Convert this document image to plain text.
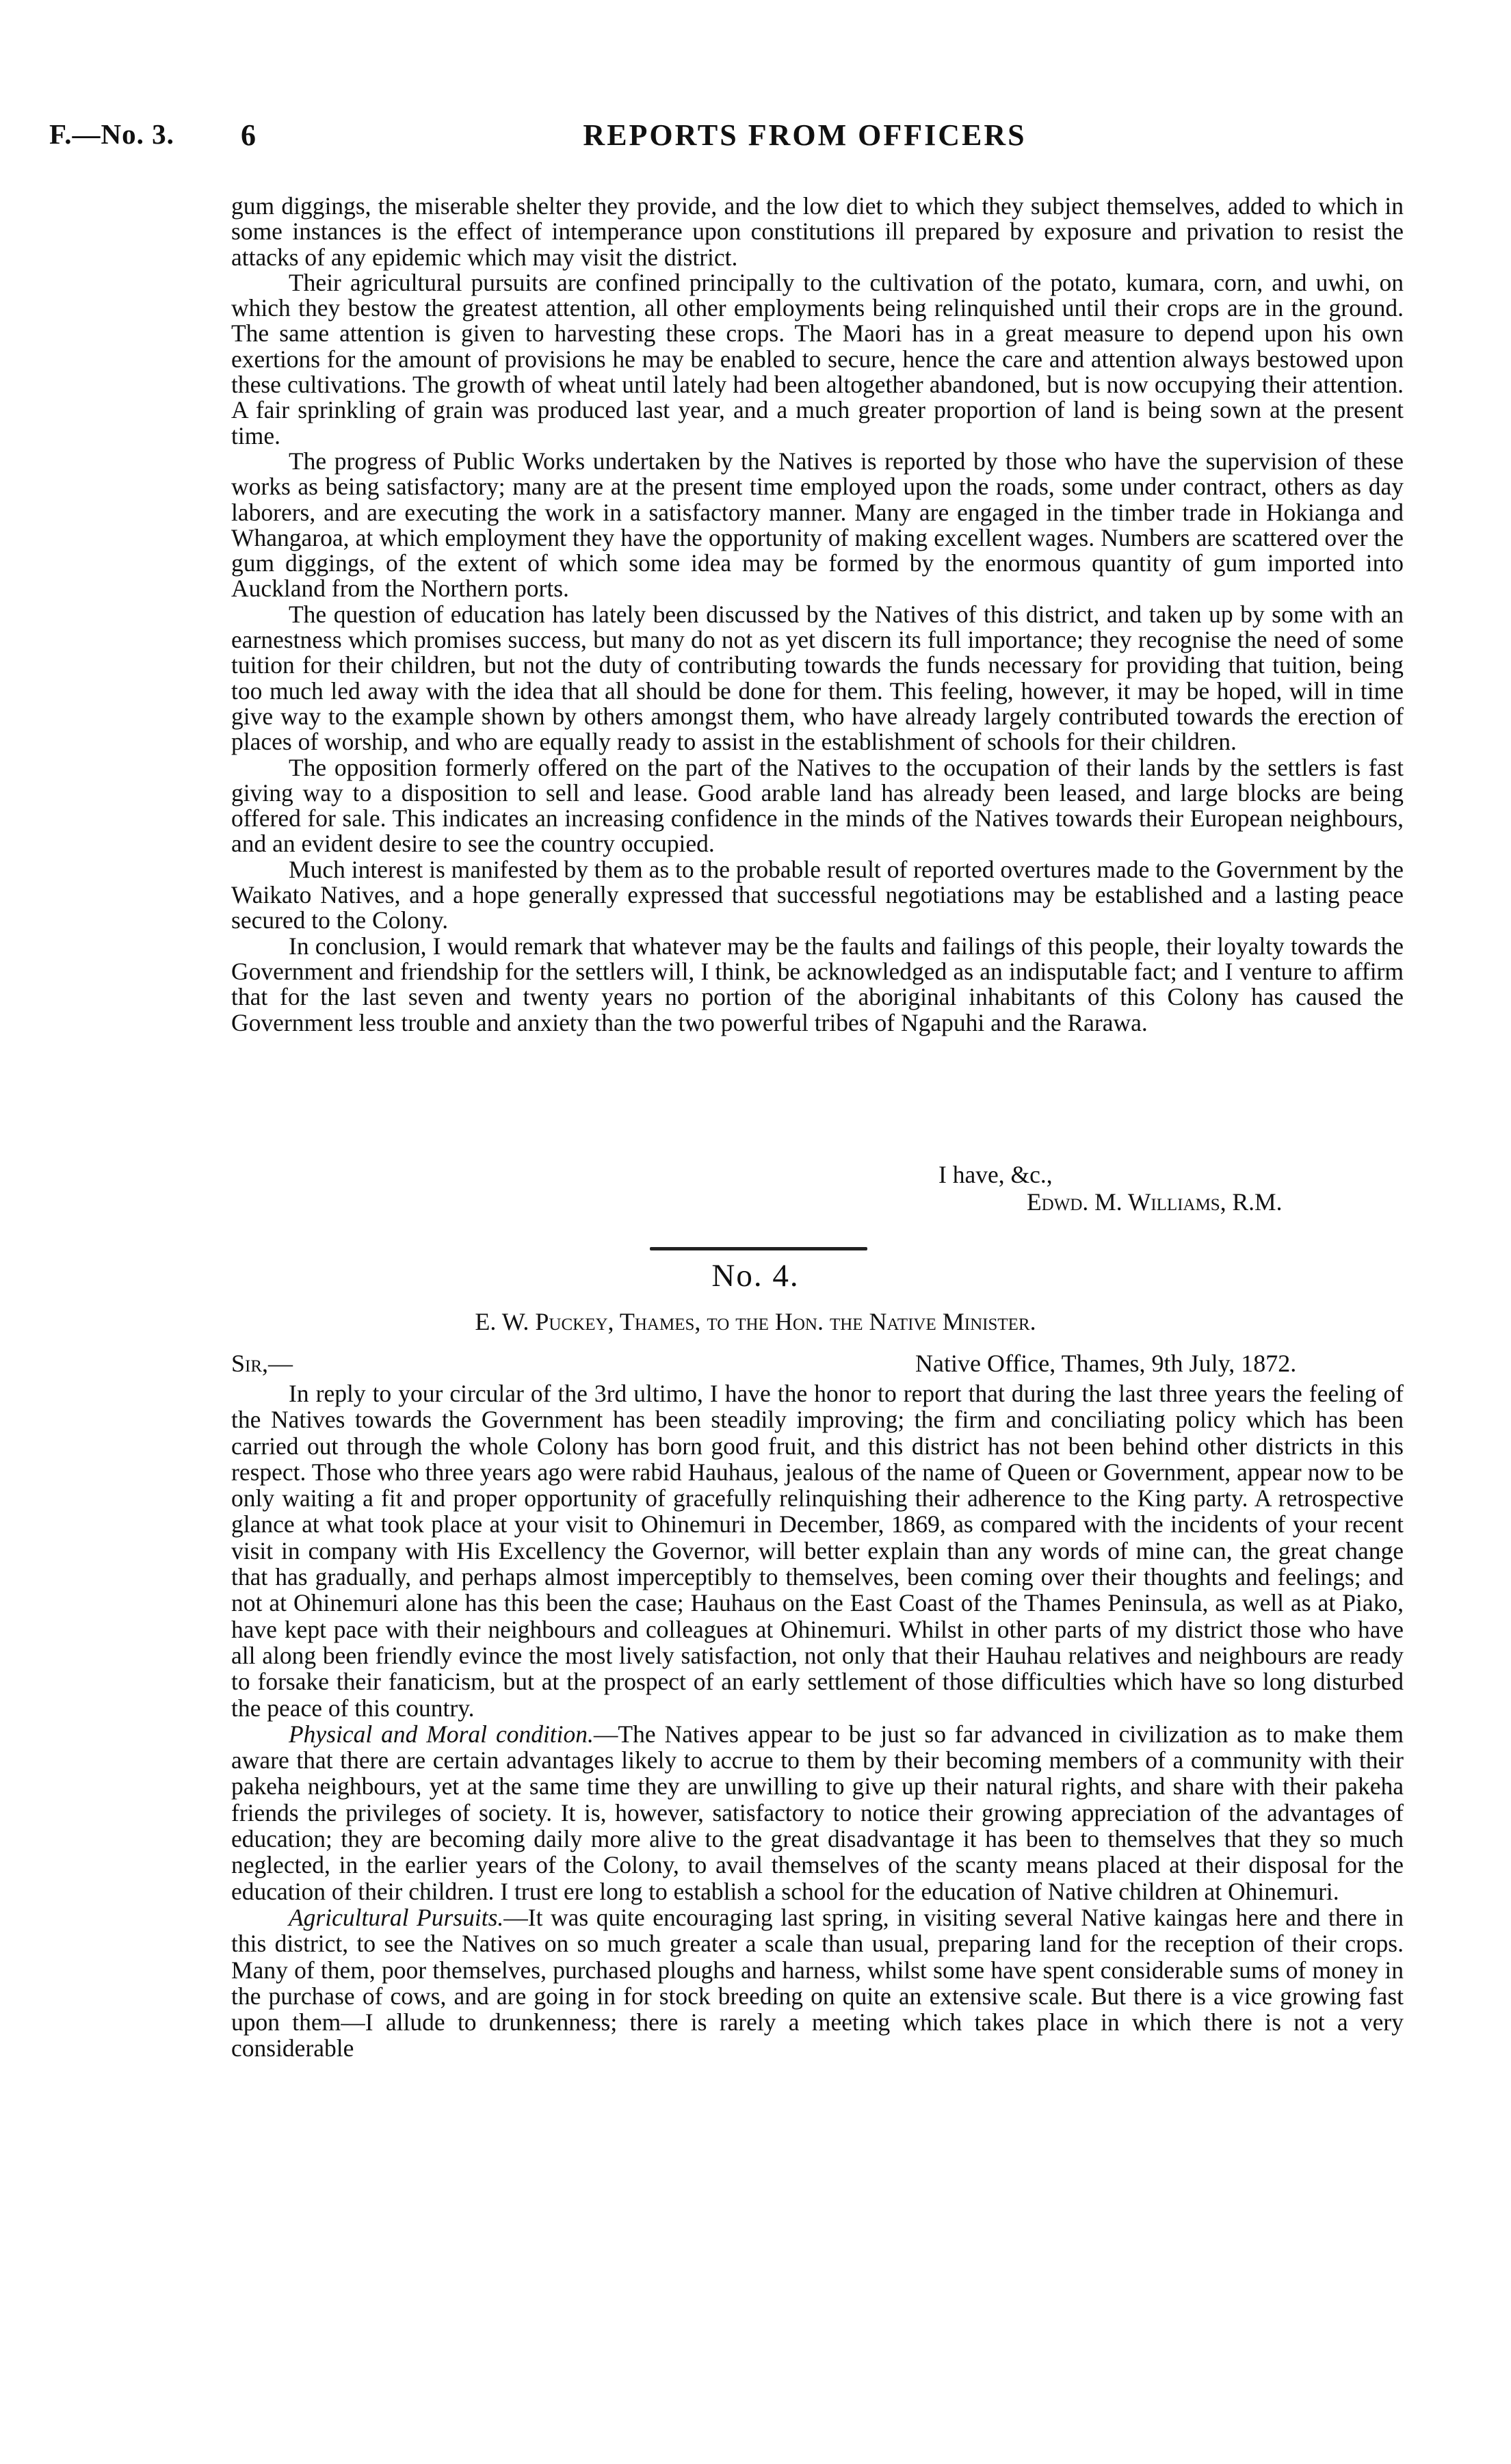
REPORTS FROM OFFICERS
F.—No. 3. 6

gum diggings, the miserable shelter they provide, and the low diet to which they subject themselves, added to which in some instances is the effect of intemperance upon constitutions ill prepared by exposure and privation to resist the attacks of any epidemic which may visit the district.

Their agricultural pursuits are confined principally to the cultivation of the potato, kumara, corn, and uwhi, on which they bestow the greatest attention, all other employments being relinquished until their crops are in the ground. The same attention is given to harvesting these crops. The Maori has in a great measure to depend upon his own exertions for the amount of provisions he may be enabled to secure, hence the care and attention always bestowed upon these cultivations. The growth of wheat until lately had been altogether abandoned, but is now occupying their attention. A fair sprinkling of grain was produced last year, and a much greater proportion of land is being sown at the present time.

The progress of Public Works undertaken by the Natives is reported by those who have the supervision of these works as being satisfactory; many are at the present time employed upon the roads, some under contract, others as day laborers, and are executing the work in a satisfactory manner. Many are engaged in the timber trade in Hokianga and Whangaroa, at which employment they have the opportunity of making excellent wages. Numbers are scattered over the gum diggings, of the extent of which some idea may be formed by the enormous quantity of gum imported into Auckland from the Northern ports.

The question of education has lately been discussed by the Natives of this district, and taken up by some with an earnestness which promises success, but many do not as yet discern its full importance; they recognise the need of some tuition for their children, but not the duty of contributing towards the funds necessary for providing that tuition, being too much led away with the idea that all should be done for them. This feeling, however, it may be hoped, will in time give way to the example shown by others amongst them, who have already largely contributed towards the erection of places of worship, and who are equally ready to assist in the establishment of schools for their children.

The opposition formerly offered on the part of the Natives to the occupation of their lands by the settlers is fast giving way to a disposition to sell and lease. Good arable land has already been leased, and large blocks are being offered for sale. This indicates an increasing confidence in the minds of the Natives towards their European neighbours, and an evident desire to see the country occupied.

Much interest is manifested by them as to the probable result of reported overtures made to the Government by the Waikato Natives, and a hope generally expressed that successful negotiations may be established and a lasting peace secured to the Colony.

In conclusion, I would remark that whatever may be the faults and failings of this people, their loyalty towards the Government and friendship for the settlers will, I think, be acknowledged as an indisputable fact; and I venture to affirm that for the last seven and twenty years no portion of the aboriginal inhabitants of this Colony has caused the Government less trouble and anxiety than the two powerful tribes of Ngapuhi and the Rarawa.

I have, &c.,
Edwd. M. Williams, R.M.
No. 4.
E. W. Puckey, Thames, to the Hon. the Native Minister.
Sir,—	Native Office, Thames, 9th July, 1872.

In reply to your circular of the 3rd ultimo, I have the honor to report that during the last three years the feeling of the Natives towards the Government has been steadily improving; the firm and conciliating policy which has been carried out through the whole Colony has born good fruit, and this district has not been behind other districts in this respect. Those who three years ago were rabid Hauhaus, jealous of the name of Queen or Government, appear now to be only waiting a fit and proper opportunity of gracefully relinquishing their adherence to the King party. A retrospective glance at what took place at your visit to Ohinemuri in December, 1869, as compared with the incidents of your recent visit in company with His Excellency the Governor, will better explain than any words of mine can, the great change that has gradually, and perhaps almost imperceptibly to themselves, been coming over their thoughts and feelings; and not at Ohinemuri alone has this been the case; Hauhaus on the East Coast of the Thames Peninsula, as well as at Piako, have kept pace with their neighbours and colleagues at Ohinemuri. Whilst in other parts of my district those who have all along been friendly evince the most lively satisfaction, not only that their Hauhau relatives and neighbours are ready to forsake their fanaticism, but at the prospect of an early settlement of those difficulties which have so long disturbed the peace of this country.

Physical and Moral condition.—The Natives appear to be just so far advanced in civilization as to make them aware that there are certain advantages likely to accrue to them by their becoming members of a community with their pakeha neighbours, yet at the same time they are unwilling to give up their natural rights, and share with their pakeha friends the privileges of society. It is, however, satisfactory to notice their growing appreciation of the advantages of education; they are becoming daily more alive to the great disadvantage it has been to themselves that they so much neglected, in the earlier years of the Colony, to avail themselves of the scanty means placed at their disposal for the education of their children. I trust ere long to establish a school for the education of Native children at Ohinemuri.

Agricultural Pursuits.—It was quite encouraging last spring, in visiting several Native kaingas here and there in this district, to see the Natives on so much greater a scale than usual, preparing land for the reception of their crops. Many of them, poor themselves, purchased ploughs and harness, whilst some have spent considerable sums of money in the purchase of cows, and are going in for stock breeding on quite an extensive scale. But there is a vice growing fast upon them—I allude to drunkenness; there is rarely a meeting which takes place in which there is not a very considerable
